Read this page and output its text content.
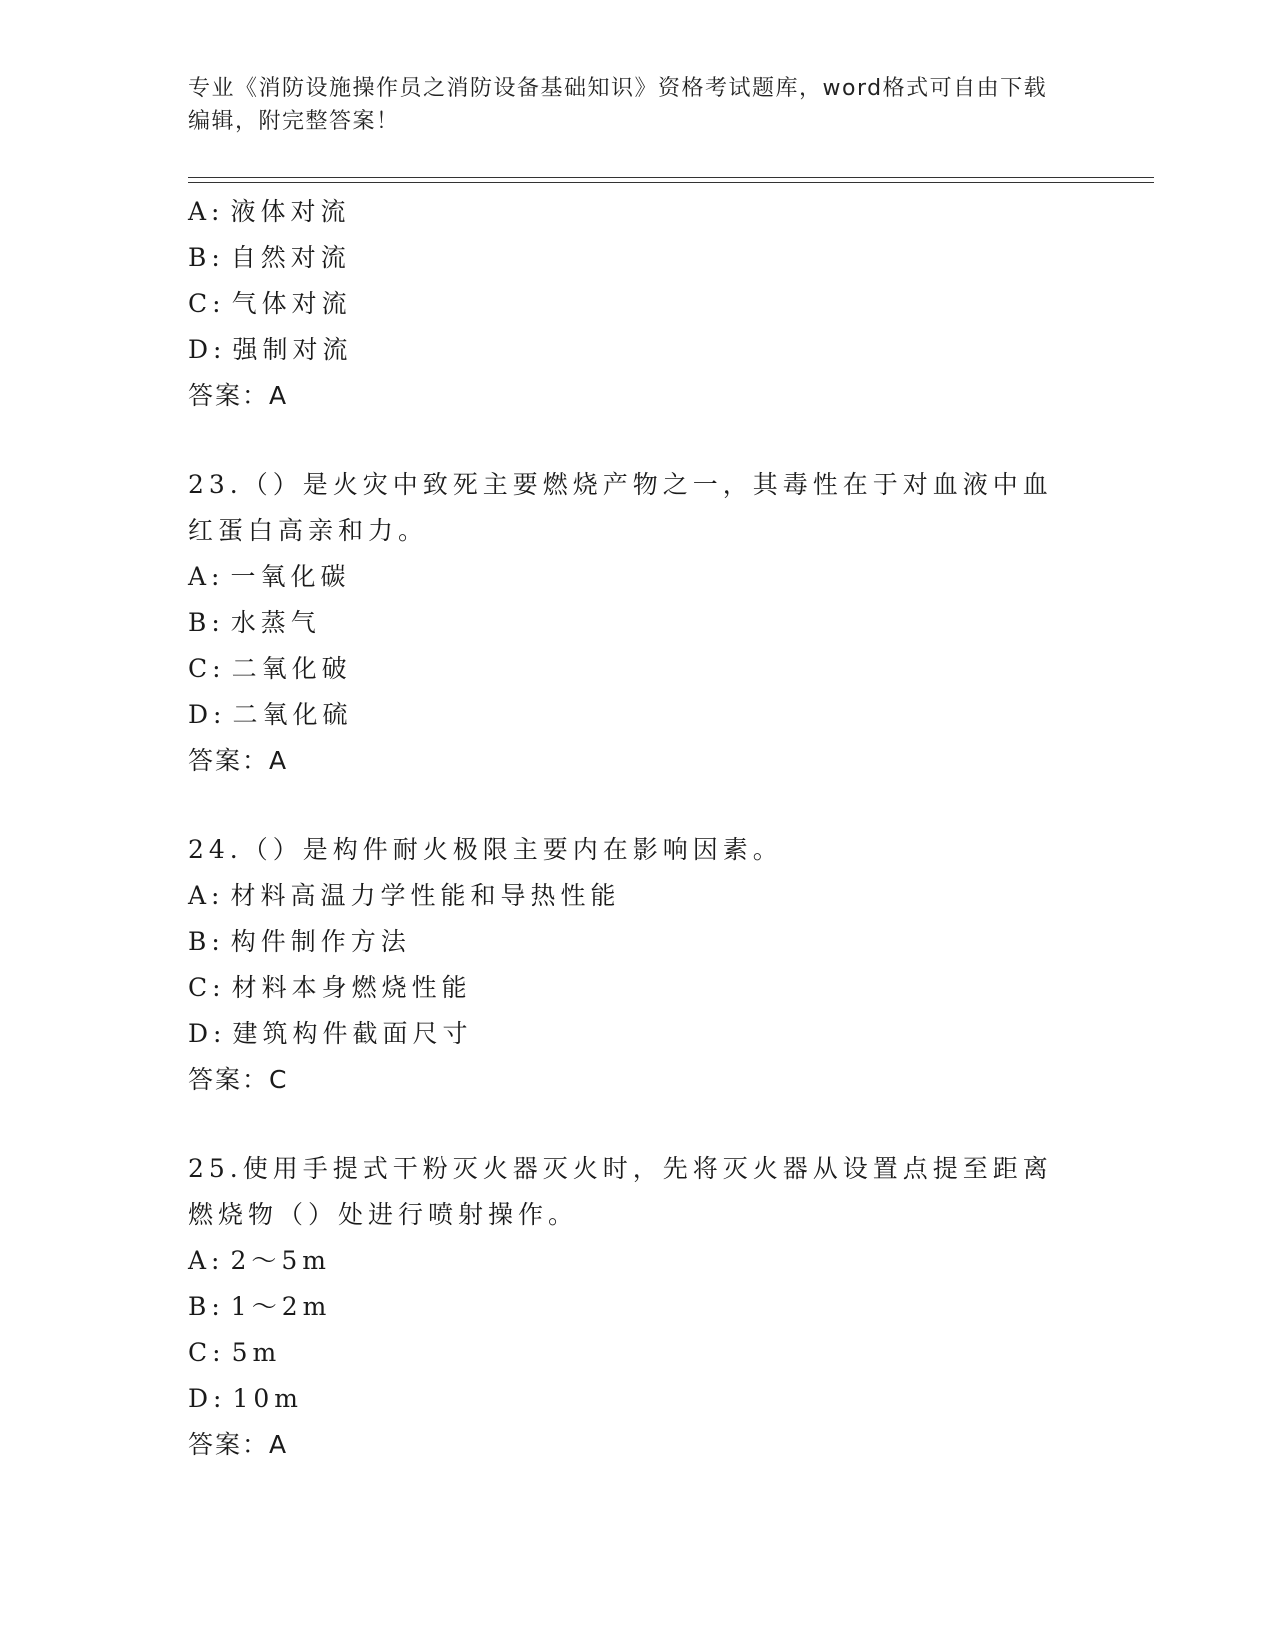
专业《消防设施操作员之消防设备基础知识》资格考试题库，word格式可自由下载编辑，附完整答案！
A: 液体对流
B: 自然对流
C: 气体对流
D: 强制对流
答案：A
23.（）是火灾中致死主要燃烧产物之一，其毒性在于对血液中血红蛋白高亲和力。
A: 一氧化碳
B: 水蒸气
C: 二氧化破
D: 二氧化硫
答案：A
24.（）是构件耐火极限主要内在影响因素。
A: 材料高温力学性能和导热性能
B: 构件制作方法
C: 材料本身燃烧性能
D: 建筑构件截面尺寸
答案：C
25.使用手提式干粉灭火器灭火时，先将灭火器从设置点提至距离燃烧物（）处进行喷射操作。
A: 2～5m
B: 1～2m
C: 5m
D: 10m
答案：A
